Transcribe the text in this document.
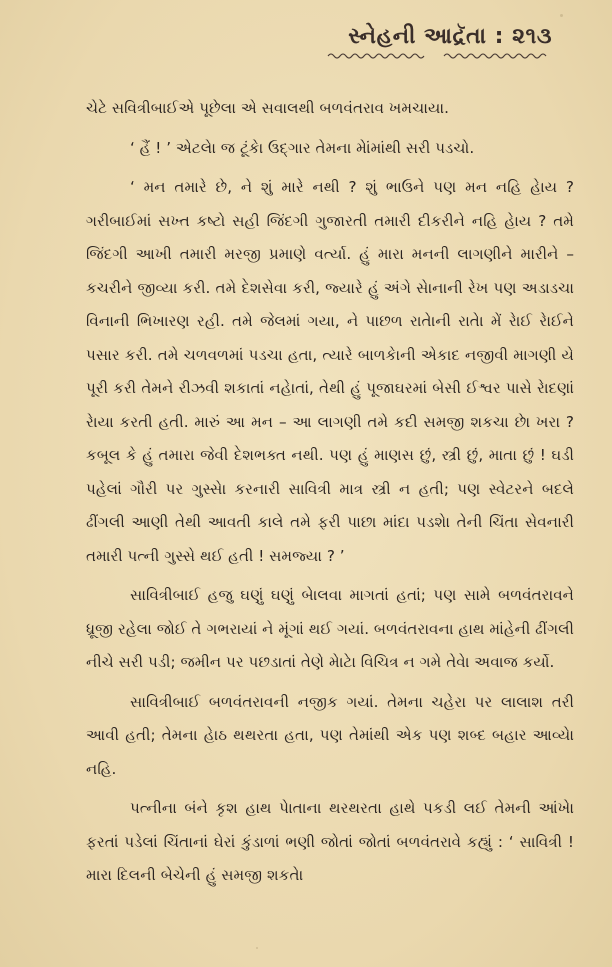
સ્નેહની આદ્રૅતા : ૨૧૩

ચેટે સવિત્રીબાઈએ પૂછેલા એ સવાલથી બળવંતરાવ ખમચાયા.

‘ હૈં ! ’ એટલેા જ ટૂંકેા ઉદ્ગાર તેમના મેાંમાંથી સરી પડચો.

‘ મન તમારે છે, ને શું મારે નથી ? શું ભાઉને પણ મન નહિ હેાય ? ગરીબાઈમાં સખ્ત કષ્ટો સહી જિંદગી ગુજારતી તમારી દીકરીને નહિ હેાય ? તમે જિંદગી આખી તમારી મરજી પ્રમાણે વર્ત્યા. હું મારા મનની લાગણીને મારીને – કચરીને જીવ્યા કરી. તમે દેશસેવા કરી, જ્યારે હું અંગે સેાનાની રેખ પણ અડાડચા વિનાની ભિખારણ રહી. તમે જેલમાં ગયા, ને પાછળ રાતેાની રાતેા મેં રેાઈ રેાઈને પસાર કરી. તમે ચળવળમાં પડચા હતા, ત્યારે બાળકેાની એકાદ નજીવી માગણી યે પૂરી કરી તેમને રીઝવી શકાતાં નહેાતાં, તેથી હું પૂજાઘરમાં બેસી ઈશ્વર પાસે રેાદણાં રેાયા કરતી હતી. મારું આ મન – આ લાગણી તમે કદી સમજી શકચા છેા ખરા ? કબૂલ કે હું તમારા જેવી દેશભક્ત નથી. પણ હું માણસ છું, સ્ત્રી છું, માતા છું ! ઘડી પહેલાં ગૌરી પર ગુસ્સેા કરનારી સાવિત્રી માત્ર સ્ત્રી ન હતી; પણ સ્વેટરને બદલે ઢીંગલી આણી તેથી આવતી કાલે તમે ફરી પાછા માંદા પડશેા તેની ચિંતા સેવનારી તમારી પત્ની ગુસ્સે થઈ હતી ! સમજ્યા ? ’

સાવિત્રીબાઈ હજુ ઘણું ઘણું બેાલવા માગતાં હતાં; પણ સામે બળવંતરાવને ધ્રૂજી રહેલા જોઈ તે ગભરાયાં ને મૂંગાં થઈ ગયાં. બળવંતરાવના હાથ માંહેની ઢીંગલી નીચે સરી પડી; જમીન પર પછડાતાં તેણે મેાટેા વિચિત્ર ન ગમે તેવેા અવાજ કર્યો.

સાવિત્રીબાઈ બળવંતરાવની નજીક ગયાં. તેમના ચહેરા પર લાલાશ તરી આવી હતી; તેમના હેાઠ થથરતા હતા, પણ તેમાંથી એક પણ શબ્દ બહાર આવ્યેા નહિ.

પત્નીના બંને કૃશ હાથ પેાતાના થરથરતા હાથે પકડી લઈ તેમની આંખેા ફરતાં પડેલાં ચિંતાનાં ઘેરાં કુંડાળાં ભણી જોતાં જોતાં બળવંતરાવે કહ્યું : ‘ સાવિત્રી ! મારા દિલની બેચેની હું સમજી શકતેા
